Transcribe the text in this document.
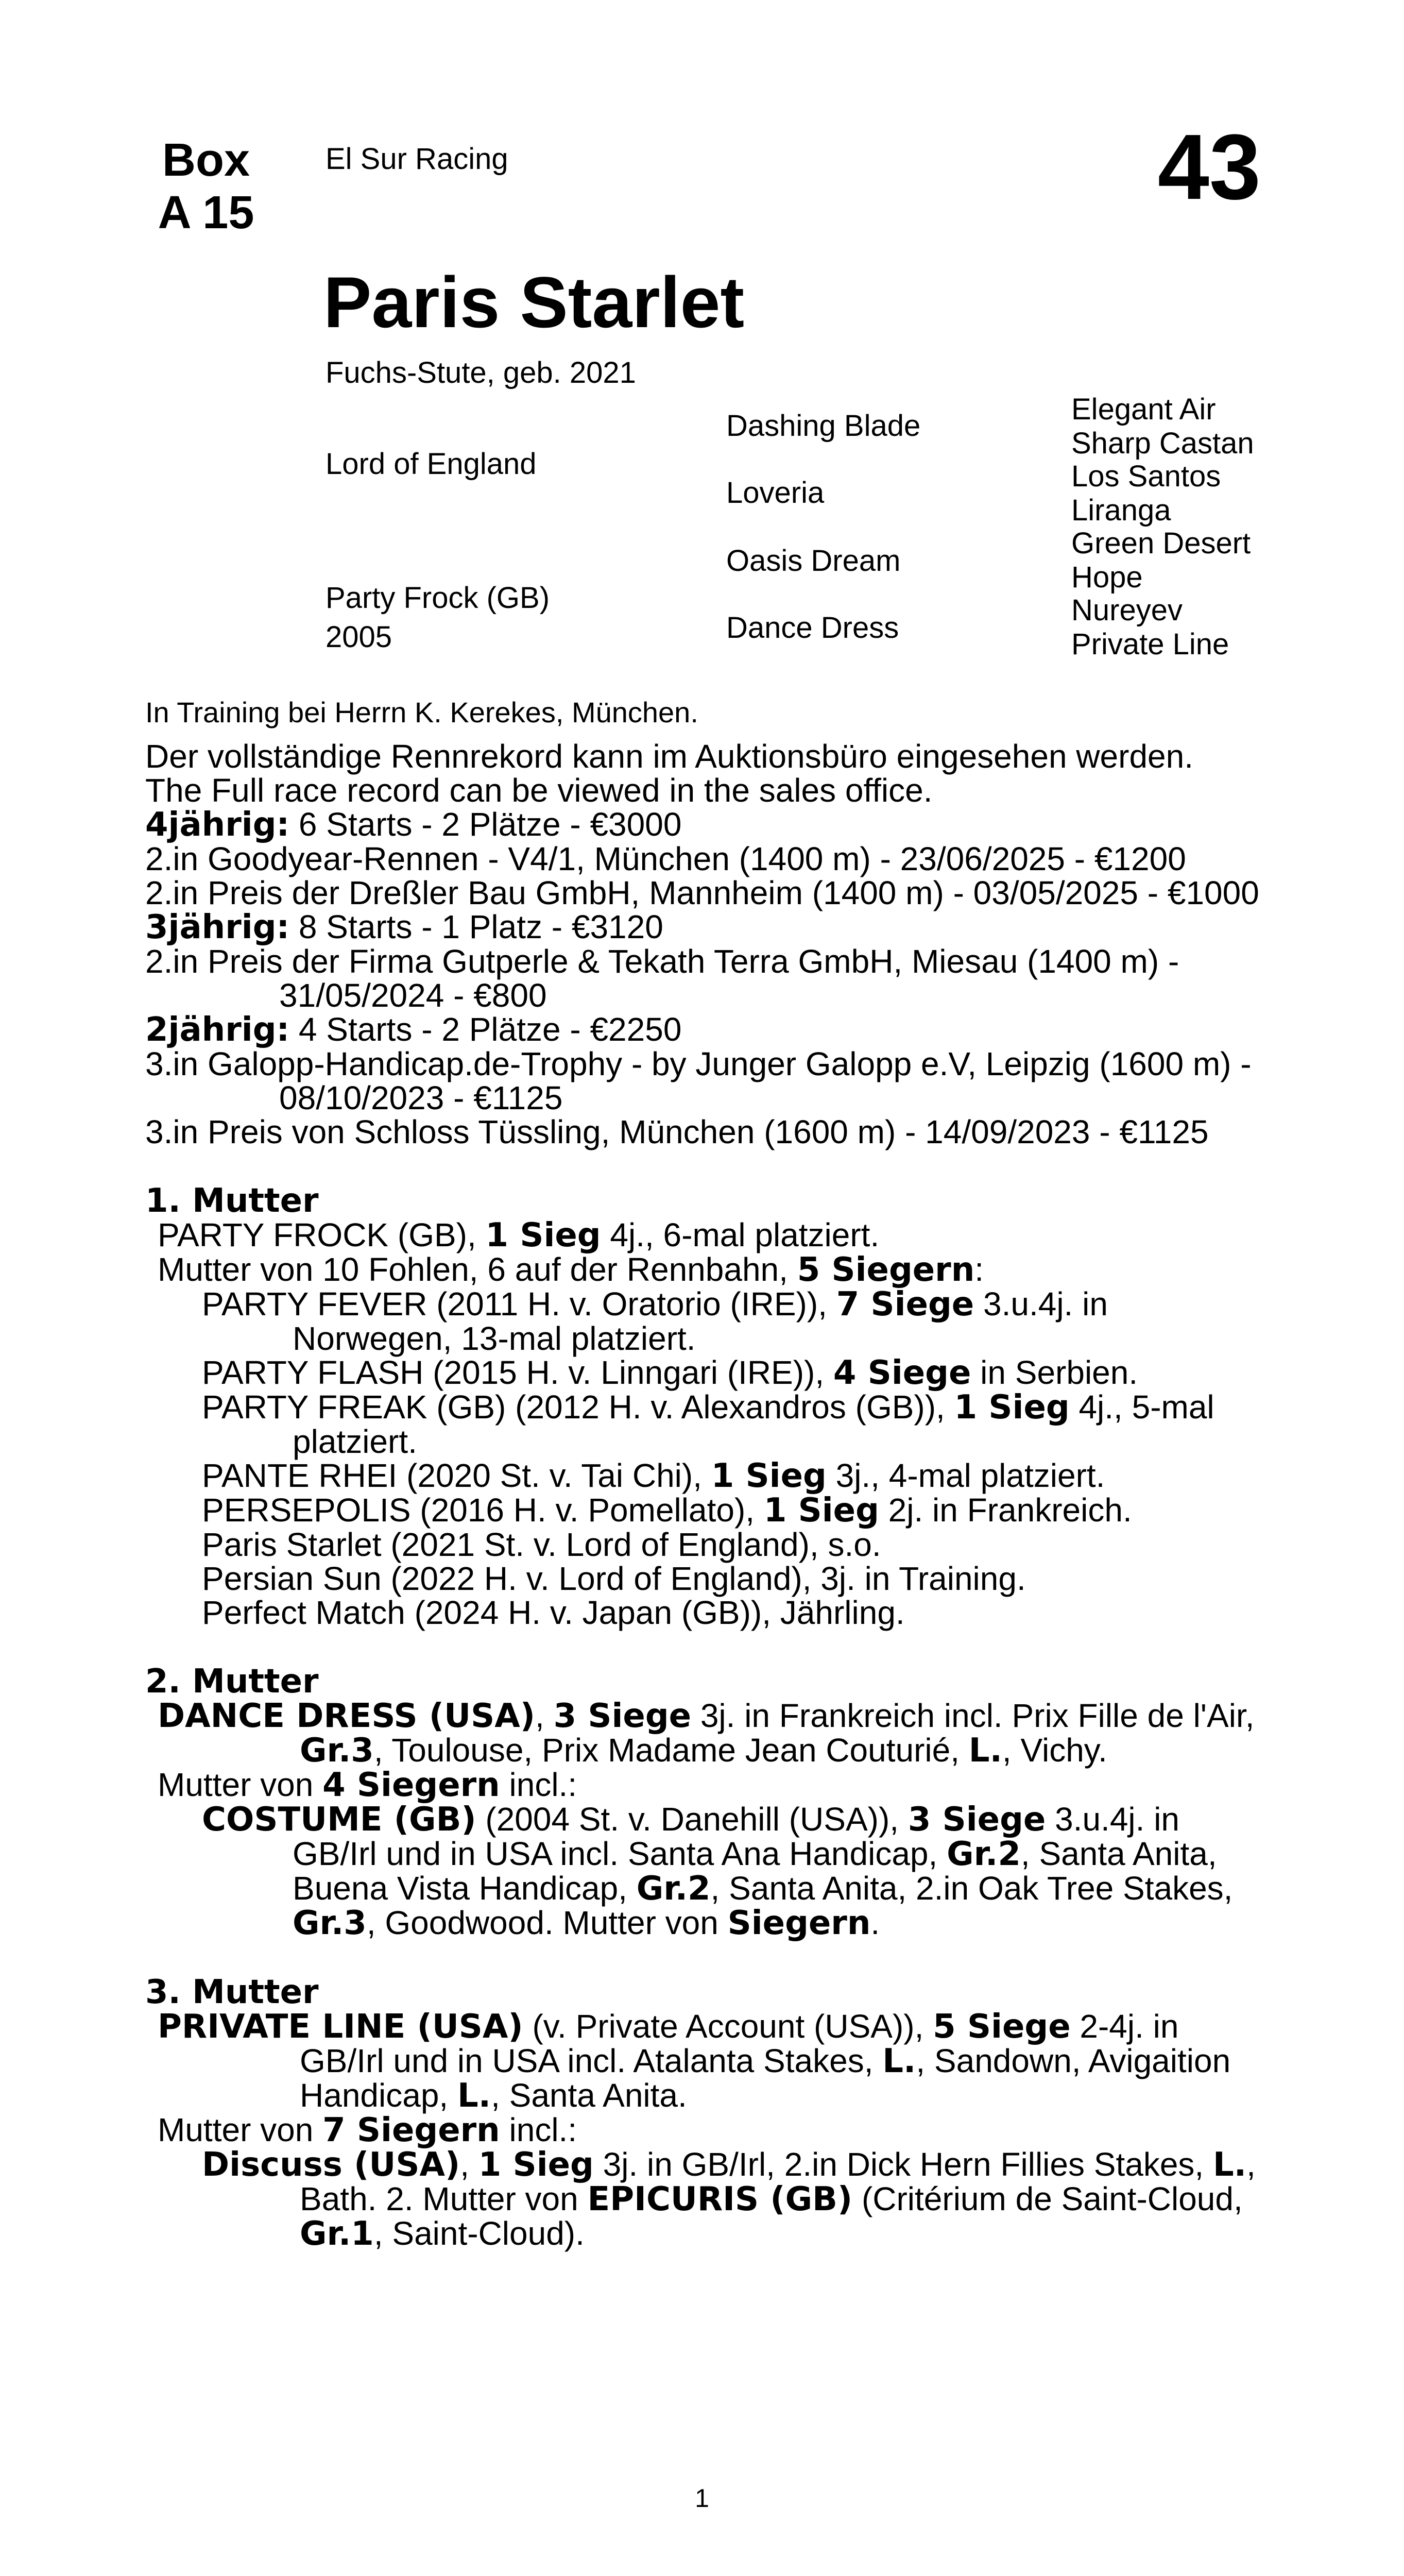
Box
A 15
El Sur Racing	43
Paris Starlet
Fuchs-Stute, geb. 2021
Lord of England
Party Frock (GB)
2005
Dashing Blade
Loveria
Oasis Dream
Dance Dress
Elegant Air
Sharp Castan
Los Santos
Liranga
Green Desert
Hope
Nureyev
Private Line
In Training bei Herrn K. Kerekes, München.

Der vollständige Rennrekord kann im Auktionsbüro eingesehen werden.

The Full race record can be viewed in the sales office.

4jährig: 6 Starts - 2 Plätze - €3000

2.in Goodyear-Rennen - V4/1, München (1400 m) - 23/06/2025 - €1200

2.in Preis der Dreßler Bau GmbH, Mannheim (1400 m) - 03/05/2025 - €1000

3jährig: 8 Starts - 1 Platz - €3120

2.in Preis der Firma Gutperle & Tekath Terra GmbH, Miesau (1400 m) - 31/05/2024 - €800

2jährig: 4 Starts - 2 Plätze - €2250

3.in Galopp-Handicap.de-Trophy - by Junger Galopp e.V, Leipzig (1600 m) - 08/10/2023 - €1125

3.in Preis von Schloss Tüssling, München (1600 m) - 14/09/2023 - €1125

1. Mutter

PARTY FROCK (GB), 1 Sieg 4j., 6-mal platziert.

Mutter von 10 Fohlen, 6 auf der Rennbahn, 5 Siegern:

PARTY FEVER (2011 H. v. Oratorio (IRE)), 7 Siege 3.u.4j. in Norwegen, 13-mal platziert.

PARTY FLASH (2015 H. v. Linngari (IRE)), 4 Siege in Serbien.

PARTY FREAK (GB) (2012 H. v. Alexandros (GB)), 1 Sieg 4j., 5-mal platziert.

PANTE RHEI (2020 St. v. Tai Chi), 1 Sieg 3j., 4-mal platziert.

PERSEPOLIS (2016 H. v. Pomellato), 1 Sieg 2j. in Frankreich.

Paris Starlet (2021 St. v. Lord of England), s.o.

Persian Sun (2022 H. v. Lord of England), 3j. in Training.

Perfect Match (2024 H. v. Japan (GB)), Jährling.

2. Mutter

DANCE DRESS (USA), 3 Siege 3j. in Frankreich incl. Prix Fille de l'Air, Gr.3, Toulouse, Prix Madame Jean Couturié, L., Vichy.

Mutter von 4 Siegern incl.:

COSTUME (GB) (2004 St. v. Danehill (USA)), 3 Siege 3.u.4j. in GB/Irl und in USA incl. Santa Ana Handicap, Gr.2, Santa Anita, Buena Vista Handicap, Gr.2, Santa Anita, 2.in Oak Tree Stakes, Gr.3, Goodwood. Mutter von Siegern.

3. Mutter

PRIVATE LINE (USA) (v. Private Account (USA)), 5 Siege 2-4j. in GB/Irl und in USA incl. Atalanta Stakes, L., Sandown, Avigaition Handicap, L., Santa Anita.

Mutter von 7 Siegern incl.:

Discuss (USA), 1 Sieg 3j. in GB/Irl, 2.in Dick Hern Fillies Stakes, L., Bath. 2. Mutter von EPICURIS (GB) (Critérium de Saint-Cloud, Gr.1, Saint-Cloud).

1
